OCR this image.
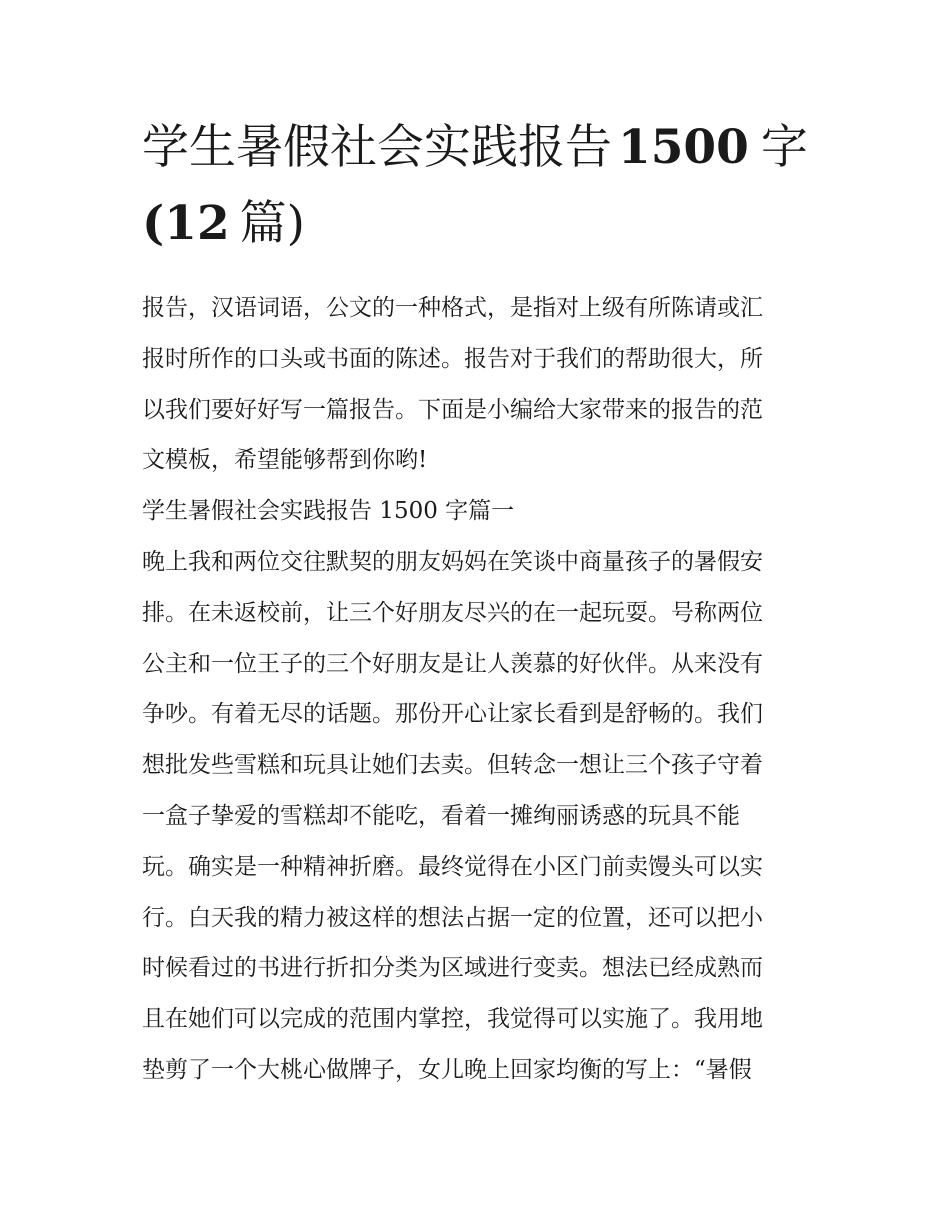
学生暑假社会实践报告 1500 字
(12 篇)
报告，汉语词语，公文的一种格式，是指对上级有所陈请或汇
报时所作的口头或书面的陈述。报告对于我们的帮助很大，所
以我们要好好写一篇报告。下面是小编给大家带来的报告的范
文模板，希望能够帮到你哟!
学生暑假社会实践报告 1500 字篇一
晚上我和两位交往默契的朋友妈妈在笑谈中商量孩子的暑假安
排。在未返校前，让三个好朋友尽兴的在一起玩耍。号称两位
公主和一位王子的三个好朋友是让人羡慕的好伙伴。从来没有
争吵。有着无尽的话题。那份开心让家长看到是舒畅的。我们
想批发些雪糕和玩具让她们去卖。但转念一想让三个孩子守着
一盒子挚爱的雪糕却不能吃，看着一摊绚丽诱惑的玩具不能
玩。确实是一种精神折磨。最终觉得在小区门前卖馒头可以实
行。白天我的精力被这样的想法占据一定的位置，还可以把小
时候看过的书进行折扣分类为区域进行变卖。想法已经成熟而
且在她们可以完成的范围内掌控，我觉得可以实施了。我用地
垫剪了一个大桃心做牌子，女儿晚上回家均衡的写上：“暑假
